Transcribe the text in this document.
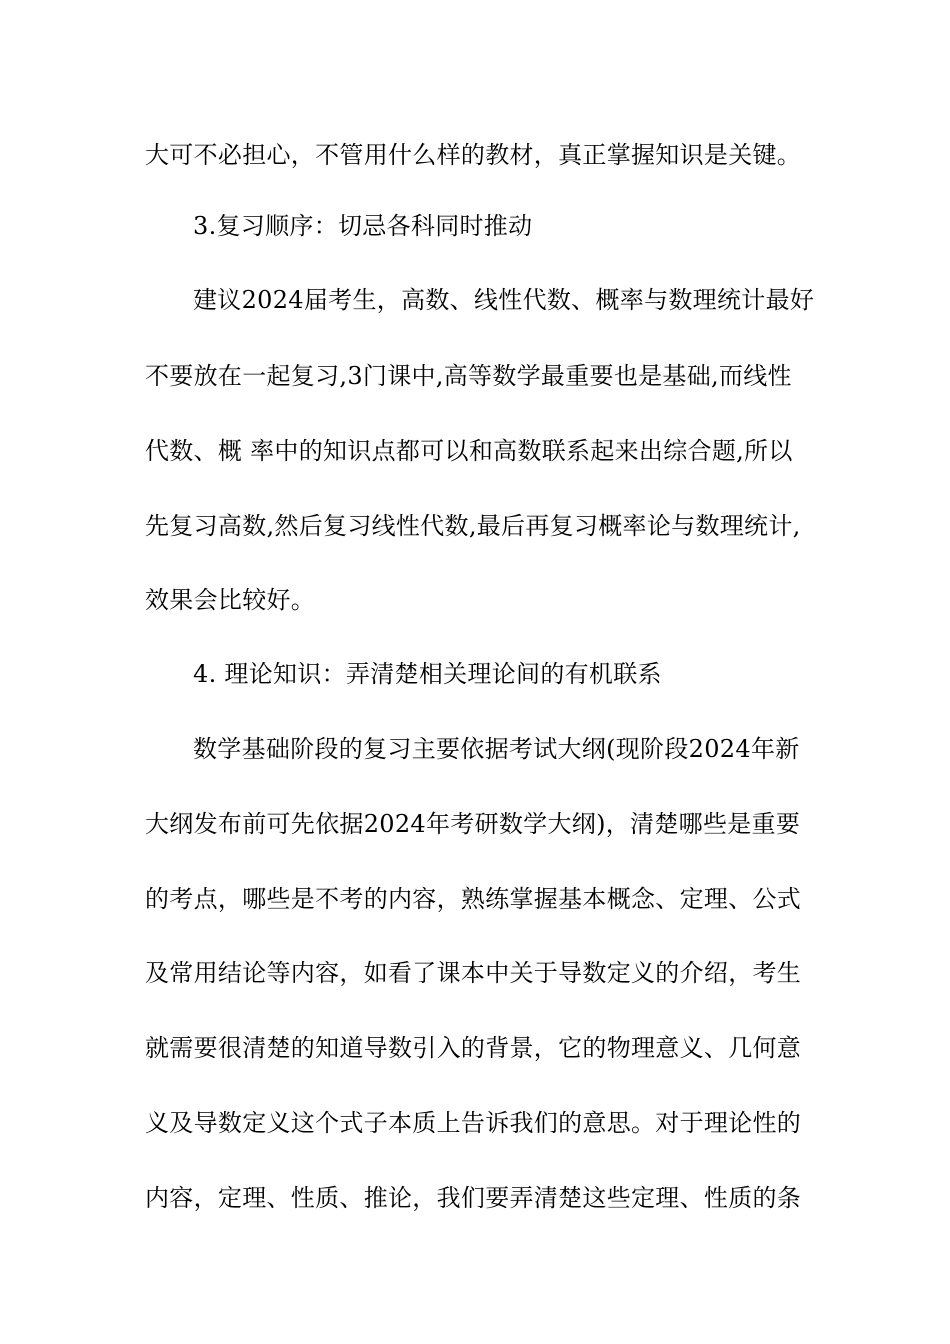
大可不必担心，不管用什么样的教材，真正掌握知识是关键。
3.复习顺序：切忌各科同时推动
建议2024届考生，高数、线性代数、概率与数理统计最好
不要放在一起复习,3门课中,高等数学最重要也是基础,而线性
代数、概 率中的知识点都可以和高数联系起来出综合题,所以
先复习高数,然后复习线性代数,最后再复习概率论与数理统计,
效果会比较好。
4. 理论知识：弄清楚相关理论间的有机联系
数学基础阶段的复习主要依据考试大纲(现阶段2024年新
大纲发布前可先依据2024年考研数学大纲)，清楚哪些是重要
的考点，哪些是不考的内容，熟练掌握基本概念、定理、公式
及常用结论等内容，如看了课本中关于导数定义的介绍，考生
就需要很清楚的知道导数引入的背景，它的物理意义、几何意
义及导数定义这个式子本质上告诉我们的意思。对于理论性的
内容，定理、性质、推论，我们要弄清楚这些定理、性质的条
